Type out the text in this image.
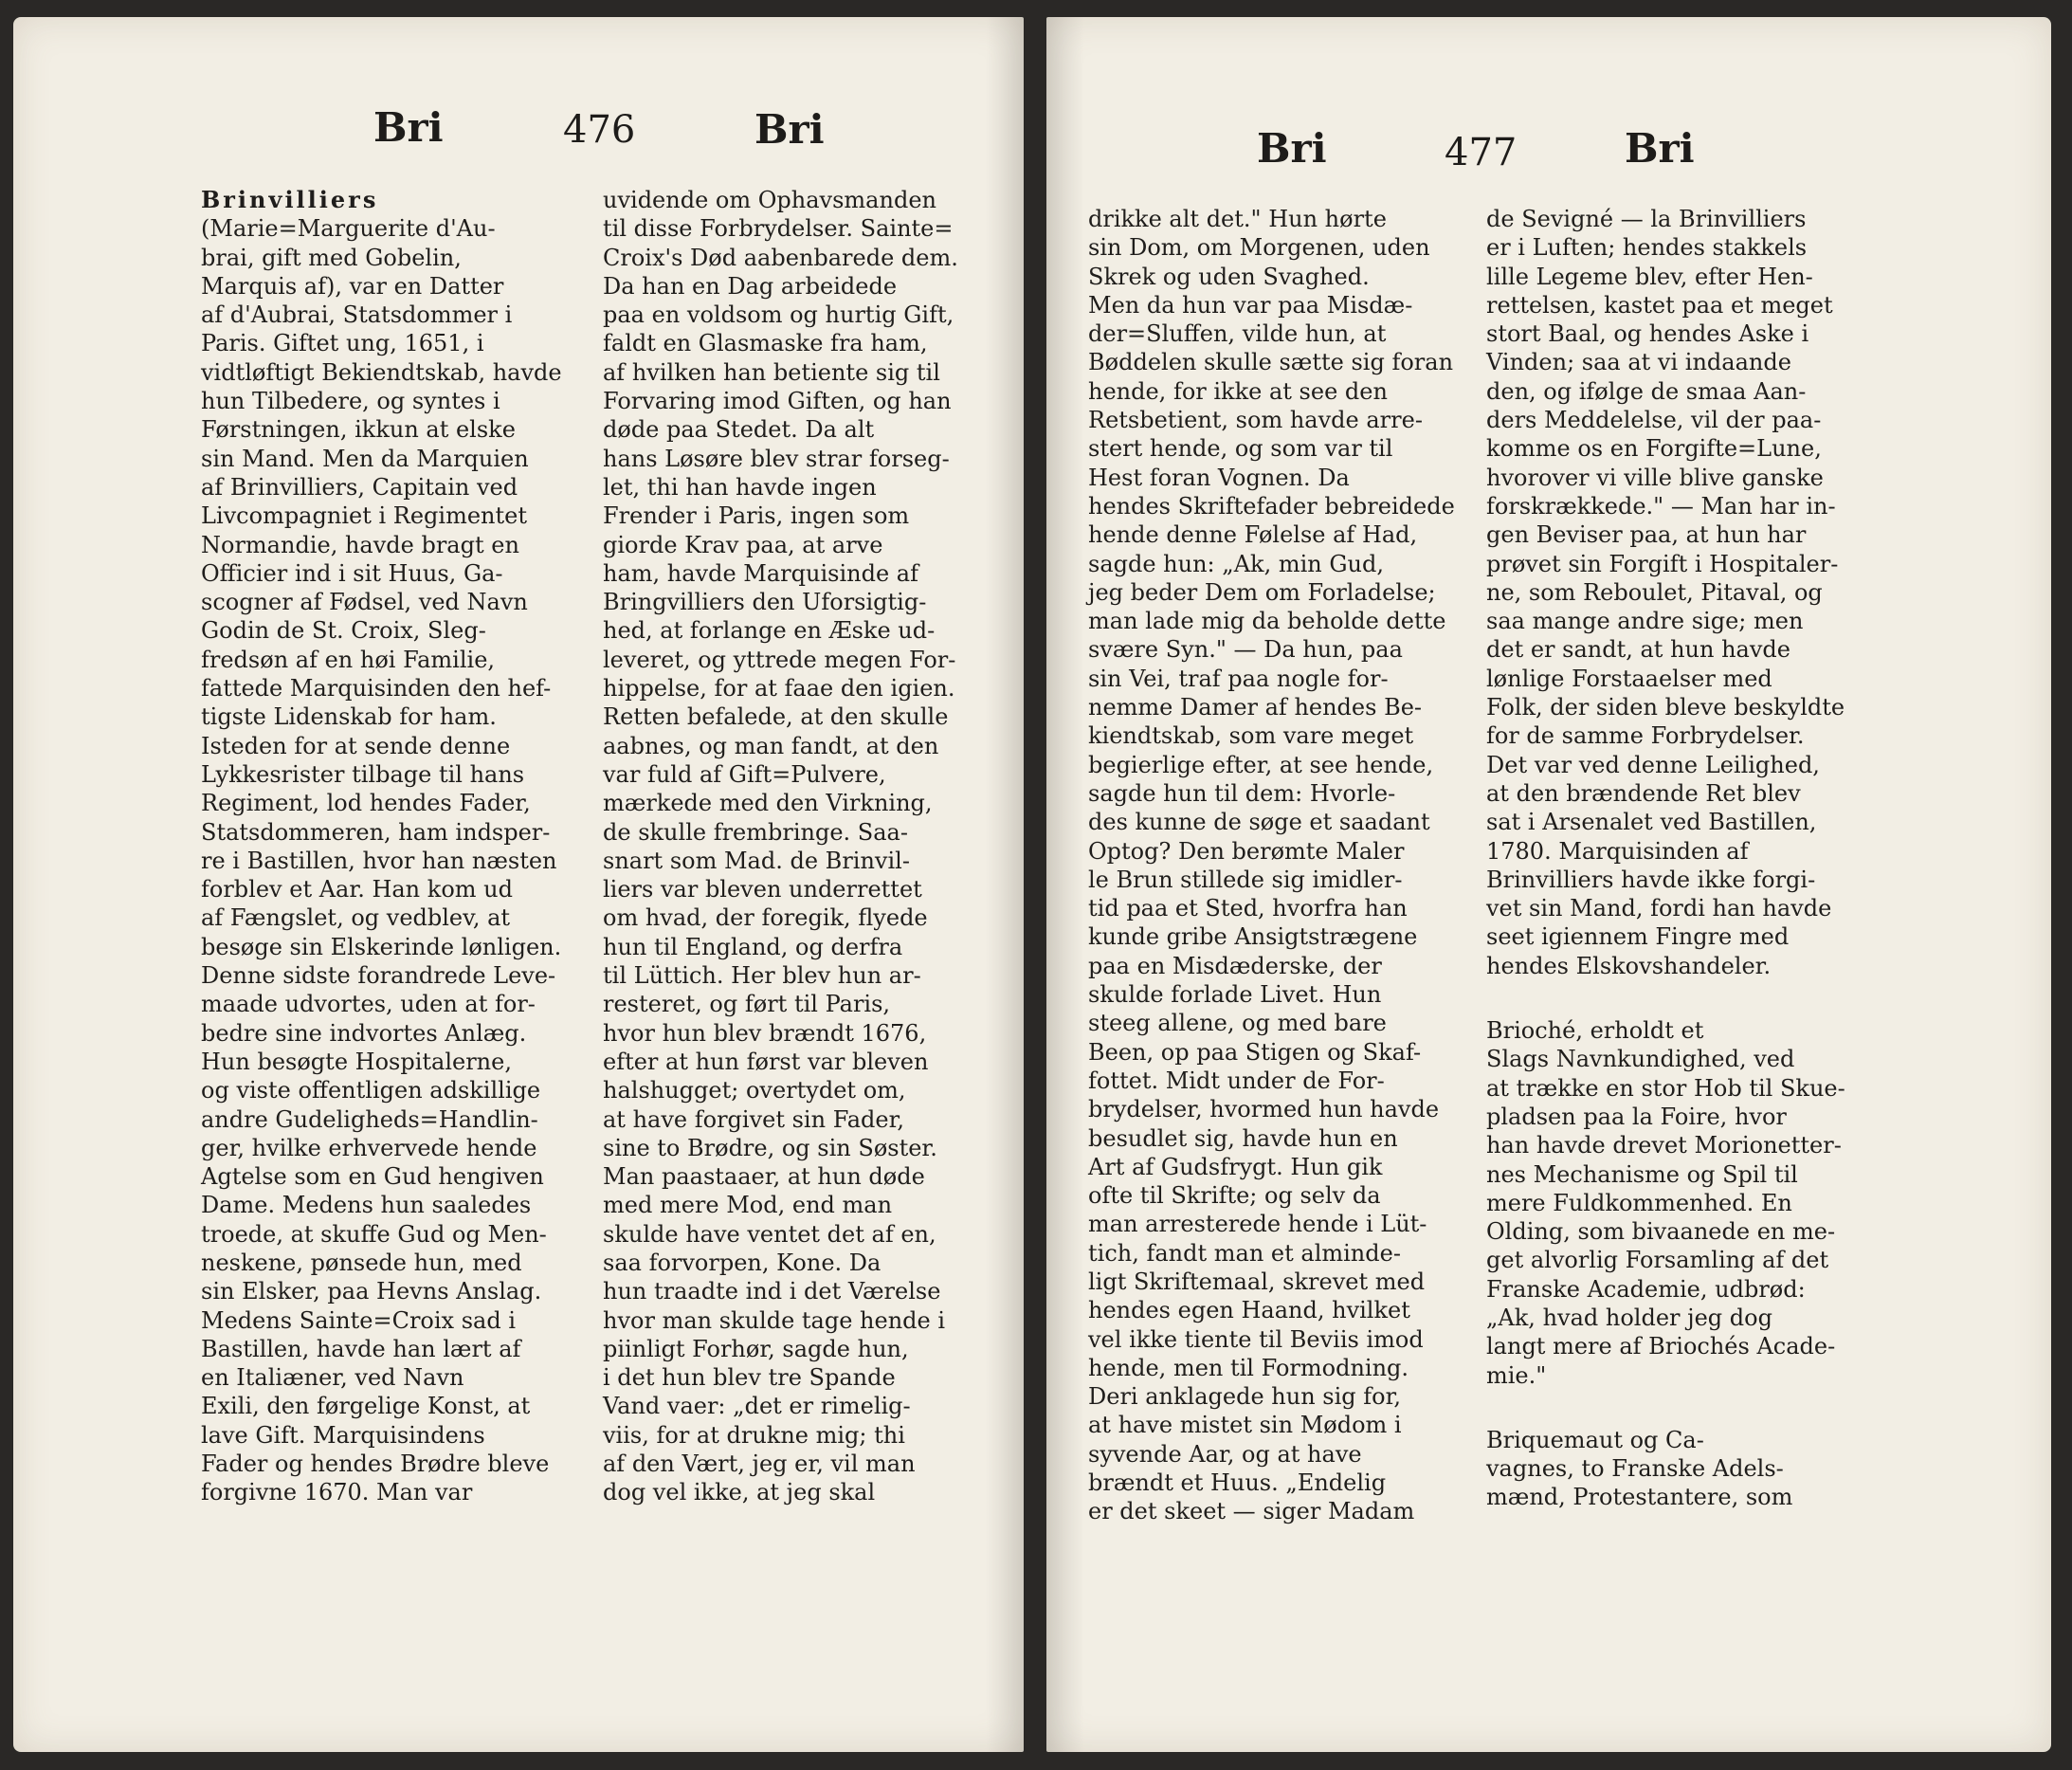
Bri	476	Bri

Brinvilliers

(Marie=Marguerite d'Au-

brai, gift med Gobelin,

Marquis af), var en Datter

af d'Aubrai, Statsdommer i

Paris. Giftet ung, 1651, i

vidtløftigt Bekiendtskab, havde

hun Tilbedere, og syntes i

Førstningen, ikkun at elske

sin Mand. Men da Marquien

af Brinvilliers, Capitain ved

Livcompagniet i Regimentet

Normandie, havde bragt en

Officier ind i sit Huus, Ga-

scogner af Fødsel, ved Navn

Godin de St. Croix, Sleg-

fredsøn af en høi Familie,

fattede Marquisinden den hef-

tigste Lidenskab for ham.

Isteden for at sende denne

Lykkesrister tilbage til hans

Regiment, lod hendes Fader,

Statsdommeren, ham indsper-

re i Bastillen, hvor han næsten

forblev et Aar. Han kom ud

af Fængslet, og vedblev, at

besøge sin Elskerinde lønligen.

Denne sidste forandrede Leve-

maade udvortes, uden at for-

bedre sine indvortes Anlæg.

Hun besøgte Hospitalerne,

og viste offentligen adskillige

andre Gudeligheds=Handlin-

ger, hvilke erhvervede hende

Agtelse som en Gud hengiven

Dame. Medens hun saaledes

troede, at skuffe Gud og Men-

neskene, pønsede hun, med

sin Elsker, paa Hevns Anslag.

Medens Sainte=Croix sad i

Bastillen, havde han lært af

en Italiæner, ved Navn

Exili, den førgelige Konst, at

lave Gift. Marquisindens

Fader og hendes Brødre bleve

forgivne 1670. Man var

uvidende om Ophavsmanden

til disse Forbrydelser. Sainte=

Croix's Død aabenbarede dem.

Da han en Dag arbeidede

paa en voldsom og hurtig Gift,

faldt en Glasmaske fra ham,

af hvilken han betiente sig til

Forvaring imod Giften, og han

døde paa Stedet. Da alt

hans Løsøre blev strar forseg-

let, thi han havde ingen

Frender i Paris, ingen som

giorde Krav paa, at arve

ham, havde Marquisinde af

Bringvilliers den Uforsigtig-

hed, at forlange en Æske ud-

leveret, og yttrede megen For-

hippelse, for at faae den igien.

Retten befalede, at den skulle

aabnes, og man fandt, at den

var fuld af Gift=Pulvere,

mærkede med den Virkning,

de skulle frembringe. Saa-

snart som Mad. de Brinvil-

liers var bleven underrettet

om hvad, der foregik, flyede

hun til England, og derfra

til Lüttich. Her blev hun ar-

resteret, og ført til Paris,

hvor hun blev brændt 1676,

efter at hun først var bleven

halshugget; overtydet om,

at have forgivet sin Fader,

sine to Brødre, og sin Søster.

Man paastaaer, at hun døde

med mere Mod, end man

skulde have ventet det af en,

saa forvorpen, Kone. Da

hun traadte ind i det Værelse

hvor man skulde tage hende i

piinligt Forhør, sagde hun,

i det hun blev tre Spande

Vand vaer: „det er rimelig-

viis, for at drukne mig; thi

af den Vært, jeg er, vil man

dog vel ikke, at jeg skal

Bri	477	Bri

drikke alt det." Hun hørte

sin Dom, om Morgenen, uden

Skrek og uden Svaghed.

Men da hun var paa Misdæ-

der=Sluffen, vilde hun, at

Bøddelen skulle sætte sig foran

hende, for ikke at see den

Retsbetient, som havde arre-

stert hende, og som var til

Hest foran Vognen. Da

hendes Skriftefader bebreidede

hende denne Følelse af Had,

sagde hun: „Ak, min Gud,

jeg beder Dem om Forladelse;

man lade mig da beholde dette

svære Syn." — Da hun, paa

sin Vei, traf paa nogle for-

nemme Damer af hendes Be-

kiendtskab, som vare meget

begierlige efter, at see hende,

sagde hun til dem: Hvorle-

des kunne de søge et saadant

Optog? Den berømte Maler

le Brun stillede sig imidler-

tid paa et Sted, hvorfra han

kunde gribe Ansigtstrægene

paa en Misdæderske, der

skulde forlade Livet. Hun

steeg allene, og med bare

Been, op paa Stigen og Skaf-

fottet. Midt under de For-

brydelser, hvormed hun havde

besudlet sig, havde hun en

Art af Gudsfrygt. Hun gik

ofte til Skrifte; og selv da

man arresterede hende i Lüt-

tich, fandt man et alminde-

ligt Skriftemaal, skrevet med

hendes egen Haand, hvilket

vel ikke tiente til Beviis imod

hende, men til Formodning.

Deri anklagede hun sig for,

at have mistet sin Mødom i

syvende Aar, og at have

brændt et Huus. „Endelig

er det skeet — siger Madam

de Sevigné — la Brinvilliers

er i Luften; hendes stakkels

lille Legeme blev, efter Hen-

rettelsen, kastet paa et meget

stort Baal, og hendes Aske i

Vinden; saa at vi indaande

den, og ifølge de smaa Aan-

ders Meddelelse, vil der paa-

komme os en Forgifte=Lune,

hvorover vi ville blive ganske

forskrækkede." — Man har in-

gen Beviser paa, at hun har

prøvet sin Forgift i Hospitaler-

ne, som Reboulet, Pitaval, og

saa mange andre sige; men

det er sandt, at hun havde

lønlige Forstaaelser med

Folk, der siden bleve beskyldte

for de samme Forbrydelser.

Det var ved denne Leilighed,

at den brændende Ret blev

sat i Arsenalet ved Bastillen,

1780. Marquisinden af

Brinvilliers havde ikke forgi-

vet sin Mand, fordi han havde

seet igiennem Fingre med

hendes Elskovshandeler.

Brioché, erholdt et

Slags Navnkundighed, ved

at trække en stor Hob til Skue-

pladsen paa la Foire, hvor

han havde drevet Morionetter-

nes Mechanisme og Spil til

mere Fuldkommenhed. En

Olding, som bivaanede en me-

get alvorlig Forsamling af det

Franske Academie, udbrød:

„Ak, hvad holder jeg dog

langt mere af Briochés Acade-

mie."

Briquemaut og Ca-

vagnes, to Franske Adels-

mænd, Protestantere, som
